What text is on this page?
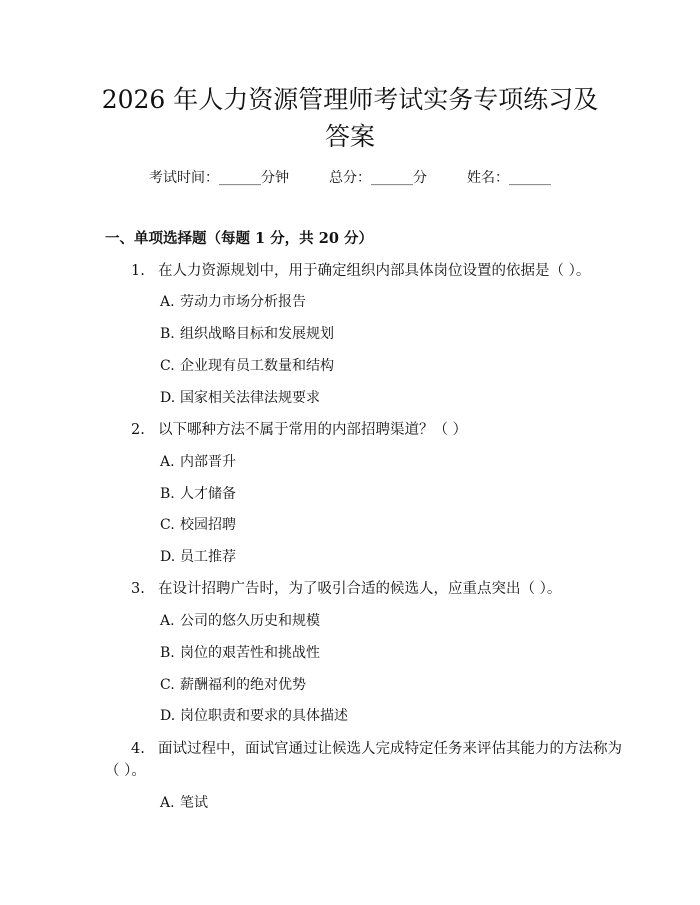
2026 年人力资源管理师考试实务专项练习及
答案
考试时间：______分钟	总分：______分	姓名：______
一、单项选择题（每题 1 分，共 20 分）
1. 在人力资源规划中，用于确定组织内部具体岗位设置的依据是（ ）。
A. 劳动力市场分析报告
B. 组织战略目标和发展规划
C. 企业现有员工数量和结构
D. 国家相关法律法规要求
2. 以下哪种方法不属于常用的内部招聘渠道？（ ）
A. 内部晋升
B. 人才储备
C. 校园招聘
D. 员工推荐
3. 在设计招聘广告时，为了吸引合适的候选人，应重点突出（ ）。
A. 公司的悠久历史和规模
B. 岗位的艰苦性和挑战性
C. 薪酬福利的绝对优势
D. 岗位职责和要求的具体描述
4. 面试过程中，面试官通过让候选人完成特定任务来评估其能力的方法称为
（ ）。
A. 笔试
